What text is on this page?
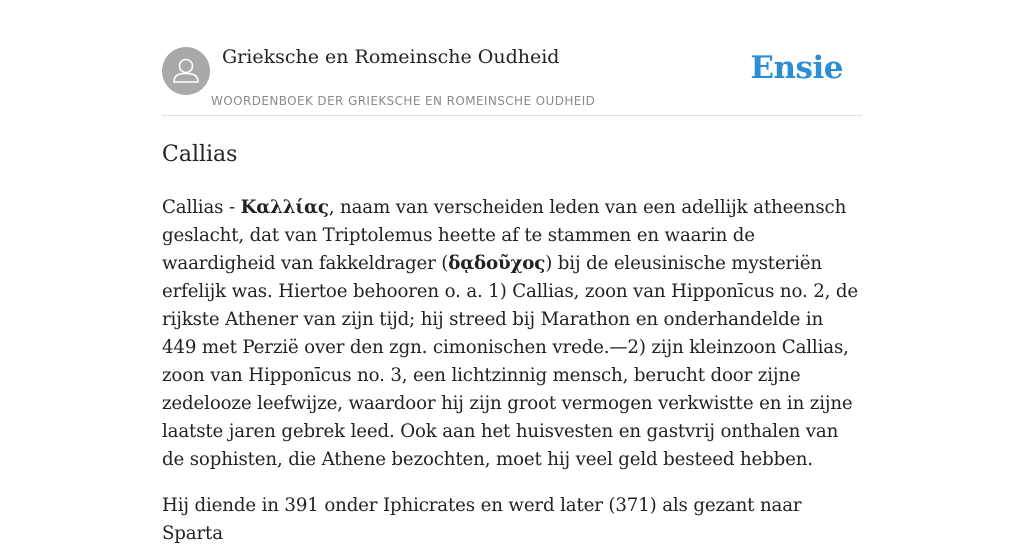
Grieksche en Romeinsche Oudheid
WOORDENBOEK DER GRIEKSCHE EN ROMEINSCHE OUDHEID
Ensie
Callias

Callias - Καλλίας, naam van verscheiden leden van een adellijk atheensch geslacht, dat van Triptolemus heette af te stammen en waarin de waardigheid van fakkeldrager (δᾳδοῦχος) bij de eleusinische mysteriën erfelijk was. Hiertoe behooren o. a. 1) Callias, zoon van Hipponīcus no. 2, de rijkste Athener van zijn tijd; hij streed bij Marathon en onderhandelde in 449 met Perzië over den zgn. cimonischen vrede.—2) zijn kleinzoon Callias, zoon van Hipponīcus no. 3, een lichtzinnig mensch, berucht door zijne zedelooze leefwijze, waardoor hij zijn groot vermogen verkwistte en in zijne laatste jaren gebrek leed. Ook aan het huisvesten en gastvrij onthalen van de sophisten, die Athene bezochten, moet hij veel geld besteed hebben.

Hij diende in 391 onder Iphicrates en werd later (371) als gezant naar Sparta
